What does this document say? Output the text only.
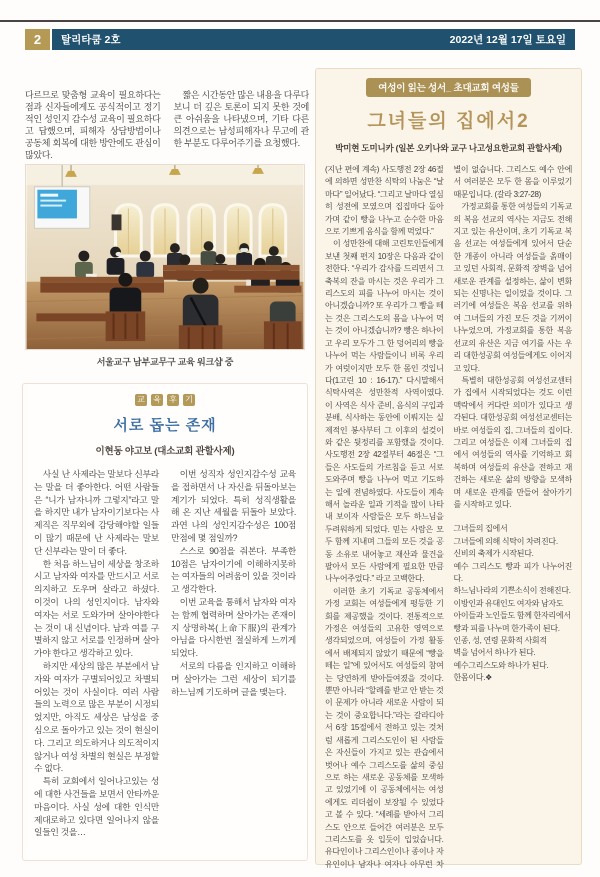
2	탈리타쿰 2호	2022년 12월 17일 토요일

다르므로 맞춤형 교육이 필요하다는 점과 신자들에게도 공식적이고 정기적인 성인지 감수성 교육이 필요하다고 답했으며, 피해자 상담방법이나 공동체 회복에 대한 방안에도 관심이 많았다.

짧은 시간동안 많은 내용을 다루다보니 더 깊은 토론이 되지 못한 것에 큰 아쉬움을 나타냈으며, 기타 다른 의견으로는 남성피해자나 무고에 관한 부분도 다루어주기를 요청했다.

서울교구 남부교무구 교육 워크샵 중
교 육 후 기
서로 돕는 존재
이현동 야고보 (대소교회 관할사제)

사실 난 사제라는 말보다 신부라는 말을 더 좋아한다. 어떤 사람들은 “니가 남자니까 그렇지”라고 말을 하지만 내가 남자이기보다는 사제직은 직무외에 감당해야할 일들이 많기 때문에 난 사제라는 말보단 신부라는 말이 더 좋다.

한 처음 하느님이 세상을 창조하시고 남자와 여자를 만드시고 서로 의지하고 도우며 살라고 하셨다. 이것이 나의 성인지이다. 남자와 여자는 서로 도와가며 살아야한다는 것이 내 신념이다. 남과 여를 구별하지 않고 서로를 인정하며 살아가야 한다고 생각하고 있다.

하지만 세상의 많은 부분에서 남자와 여자가 구별되어있고 차별되어있는 것이 사실이다. 여러 사람들의 노력으로 많은 부분이 시정되었지만, 아직도 세상은 남성을 중심으로 돌아가고 있는 것이 현실이다. 그리고 의도하거나 의도적이지 않거나 여성 차별의 현실은 부정할 수 없다.

특히 교회에서 일어나고있는 성에 대한 사건들을 보면서 안타까운 마음이다. 사실 성에 대한 인식만 제대로하고 있다면 일어나지 않을 일들인 것을…

이번 성직자 성인지감수성 교육을 접하면서 나 자신을 뒤돌아보는 계기가 되었다. 특히 성직생활을 해 온 지난 세월을 뒤돌아 보았다. 과연 나의 성인지감수성은 100점 만점에 몇 점일까?

스스로 90점을 줘본다. 부족한 10점은 남자이기에 이해하지못하는 여자들의 어려움이 있을 것이라고 생각한다.

이번 교육을 통해서 남자와 여자는 함께 협력하며 살아가는 존재이지 상명하복(上命下服)의 관계가 아님을 다시한번 절실하게 느끼게 되었다.

서로의 다름을 인지하고 이해하며 살아가는 그런 세상이 되기를 하느님께 기도하며 글을 맺는다.

여성이 읽는 성서_ 초대교회 여성들
그녀들의 집에서2
박미현 도미니카 (일본 오키나와 교구 나고성요한교회 관할사제)

(지난 편에 계속) 사도행전 2장 46절에 의하면 성만찬 식탁의 나눔은 “날마다” 일어났다. “그리고 날마다 열심히 성전에 모였으며 집집마다 돌아가며 같이 빵을 나누고 순수한 마음으로 기쁘게 음식을 함께 먹었다.”

이 성만찬에 대해 고린토인들에게 보낸 첫째 편지 10장은 다음과 같이 전한다. “우리가 감사를 드리면서 그 축복의 잔을 마시는 것은 우리가 그리스도의 피를 나누어 마시는 것이 아니겠습니까? 또 우리가 그 빵을 떼는 것은 그리스도의 몸을 나누어 먹는 것이 아니겠습니까? 빵은 하나이고 우리 모두가 그 한 덩어리의 빵을 나누어 먹는 사람들이니 비록 우리가 여럿이지만 모두 한 몸인 것입니다(1고린 10 : 16-17).” 다시말해서 식탁사역은 성만찬적 사역이였다. 이 사역은 식사 준비, 음식의 구입과 분배, 식사하는 동안에 이뤄지는 실제적인 봉사부터 그 이후의 설겆이와 같은 뒷정리를 포함했을 것이다. 사도행전 2장 42절부터 46절은 “그들은 사도들의 가르침을 듣고 서로 도와주며 빵을 나누어 먹고 기도하는 일에 전념하였다. 사도들이 계속해서 놀라운 일과 기적을 많이 나타내 보이자 사람들은 모두 하느님을 두려워하게 되었다. 믿는 사람은 모두 함께 지내며 그들의 모든 것을 공동 소유로 내어놓고 재산과 물건을 팔아서 모든 사람에게 필요한 만큼 나누어주었다.” 라고 고백한다.

이러한 초기 기독교 공동체에서 가정 교회는 여성들에게 평등한 기회를 제공했을 것이다. 전통적으로 가정은 여성들의 고유한 영역으로 생각되었으며, 여성들이 가정 활동에서 배제되지 않았기 때문에 “빵을 떼는 일”에 있어서도 여성들의 참여는 당연하게 받아들여졌을 것이다. 뿐만 아니라 “할례를 받고 안 받는 것이 문제가 아니라 새로운 사람이 되는 것이 중요합니다.”라는 갈라디아서 6장 15절에서 전하고 있는 것처럼 새롭게 그리스도인이 된 사람들은 자신들이 가지고 있는 관습에서 벗어나 예수 그리스도를 삶의 중심으로 하는 새로운 공동체를 모색하고 있었기에 이 공동체에서는 여성에게도 리더쉽이 보장될 수 있었다고 볼 수 있다. “세례를 받아서 그리스도 안으로 들어간 여러분은 모두 그리스도를 옷 입듯이 입었습니다. 유다인이나 그리스인이나 종이나 자유인이나 남자나 여자나 아무런 차별이 없습니다. 그리스도 예수 안에서 여러분은 모두 한 몸을 이루었기 때문입니다. (갈라 3:27-28)

가정교회를 통한 여성들의 기독교의 복음 선교의 역사는 지금도 전해지고 있는 유산이며, 초기 기독교 복음 선교는 여성들에게 있어서 단순한 개종이 아니라 여성들을 옭매이고 있던 사회적, 문화적 장벽을 넘어 새로운 관계를 설정하는, 삶이 변화되는 신명나는 일이었을 것이다. 그러기에 여성들은 복음 선교를 위하여 그녀들의 가진 모든 것을 기꺼이 나누었으며, 가정교회를 통한 복음 선교의 유산은 지금 여기를 사는 우리 대한성공회 여성들에게도 이어지고 있다.

특별히 대한성공회 여성선교센터가 집에서 시작되었다는 것도 이런 맥락에서 커다란 의미가 있다고 생각된다. 대한성공회 여성선교센터는 바로 여성들의 집, 그녀들의 집이다. 그리고 여성들은 이제 그녀들의 집에서 여성들의 역사를 기억하고 회복하며 여성들의 유산을 전하고 재건하는 새로운 삶의 방향을 모색하며 새로운 관계를 만들어 살아가기를 시작하고 있다.

그녀들의 집에서

그녀들에 의해 식탁이 차려진다.

신비의 축제가 시작된다.

예수 그리스도 빵과 피가 나누어진다.

하느님나라의 기쁜소식이 전해진다.

이방인과 유대인도 여자와 남자도

아이들과 노인들도 함께 한자리에서

빵과 피를 나누며 한가족이 된다.

인종, 성, 연령 문화적 사회적

벽을 넘어서 하나가 된다.

예수그리스도와 하나가 된다.

한몸이다.❖
